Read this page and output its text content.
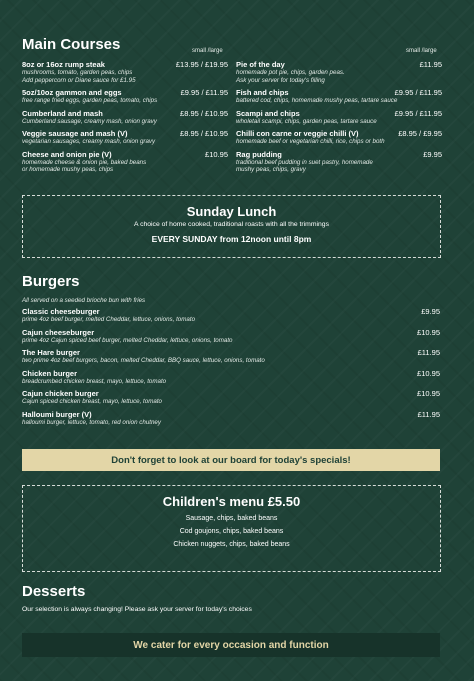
Main Courses	small /large	small /large
8oz or 16oz rump steak	£13.95 / £19.95
mushrooms, tomato, garden peas, chips
Add peppercorn or Diane sauce for £1.95
5oz/10oz gammon and eggs	£9.95 / £11.95
free range fried eggs, garden peas, tomato, chips
Cumberland and mash	£8.95 / £10.95
Cumberland sausage, creamy mash, onion gravy
Veggie sausage and mash (V)	£8.95 / £10.95
vegetarian sausages, creamy mash, onion gravy
Cheese and onion pie (V)	£10.95
homemade cheese & onion pie, baked beans
or homemade mushy peas, chips
Pie of the day	£11.95
homemade pot pie, chips, garden peas.
Ask your server for today's filling
Fish and chips	£9.95 / £11.95
battered cod, chips, homemade mushy peas, tartare sauce
Scampi and chips	£9.95 / £11.95
wholetail scampi, chips, garden peas, tartare sauce
Chilli con carne or veggie chilli (V)	£8.95 / £9.95
homemade beef or vegetarian chilli, rice, chips or both
Rag pudding	£9.95
traditional beef pudding in suet pastry, homemade
mushy peas, chips, gravy
Sunday Lunch
A choice of home cooked, traditional roasts with all the trimmings
EVERY SUNDAY from 12noon until 8pm
Burgers
All served on a seeded brioche bun with fries
Classic cheeseburger	£9.95
prime 4oz beef burger, melted Cheddar, lettuce, onions, tomato
Cajun cheeseburger	£10.95
prime 4oz Cajun spiced beef burger, melted Cheddar, lettuce, onions, tomato
The Hare burger	£11.95
two prime 4oz beef burgers, bacon, melted Cheddar, BBQ sauce, lettuce, onions, tomato
Chicken burger	£10.95
breadcrumbed chicken breast, mayo, lettuce, tomato
Cajun chicken burger	£10.95
Cajun spiced chicken breast, mayo, lettuce, tomato
Halloumi burger (V)	£11.95
halloumi burger, lettuce, tomato, red onion chutney
Don't forget to look at our board for today's specials!
Children's menu £5.50
Sausage, chips, baked beans
Cod goujons, chips, baked beans
Chicken nuggets, chips, baked beans
Desserts
Our selection is always changing! Please ask your server for today's choices
We cater for every occasion and function
